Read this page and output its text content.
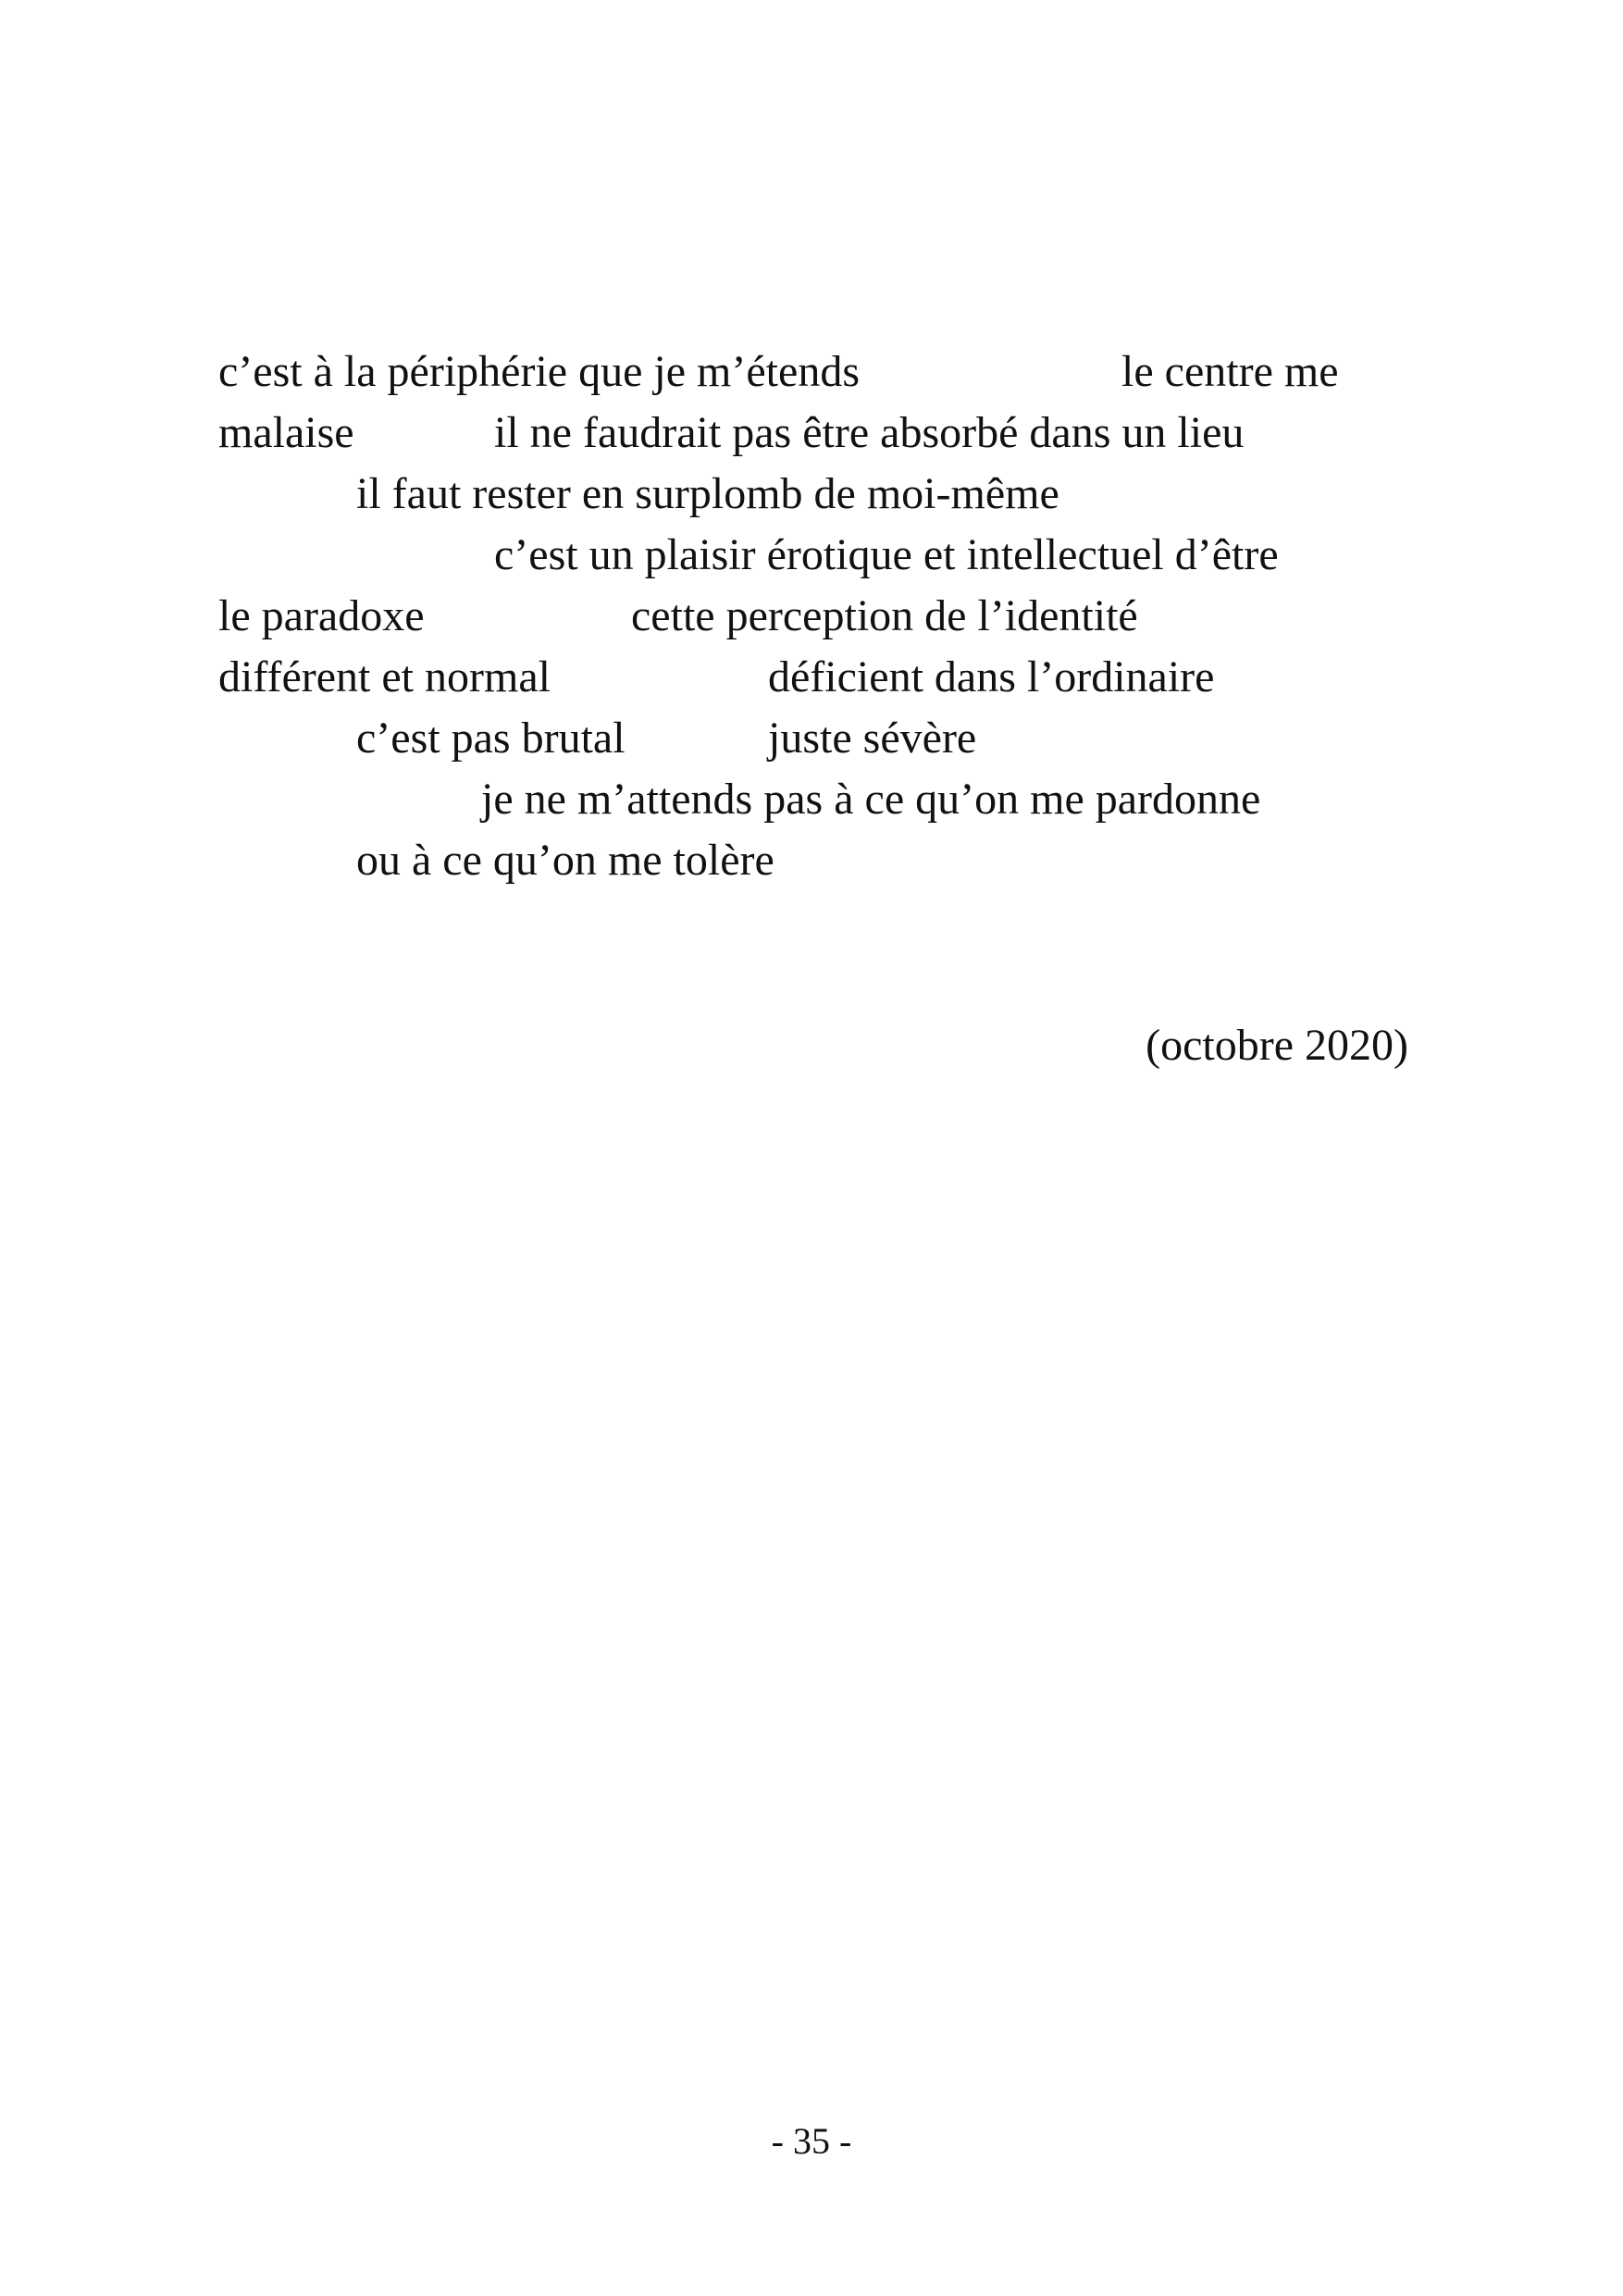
c’est à la périphérie que je m’étends	le centre me
malaise	il ne faudrait pas être absorbé dans un lieu
il faut rester en surplomb de moi-même
c’est un plaisir érotique et intellectuel d’être
le paradoxe	cette perception de l’identité
différent et normal	déficient dans l’ordinaire
c’est pas brutal	juste sévère
je ne m’attends pas à ce qu’on me pardonne
ou à ce qu’on me tolère
(octobre 2020)
- 35 -
